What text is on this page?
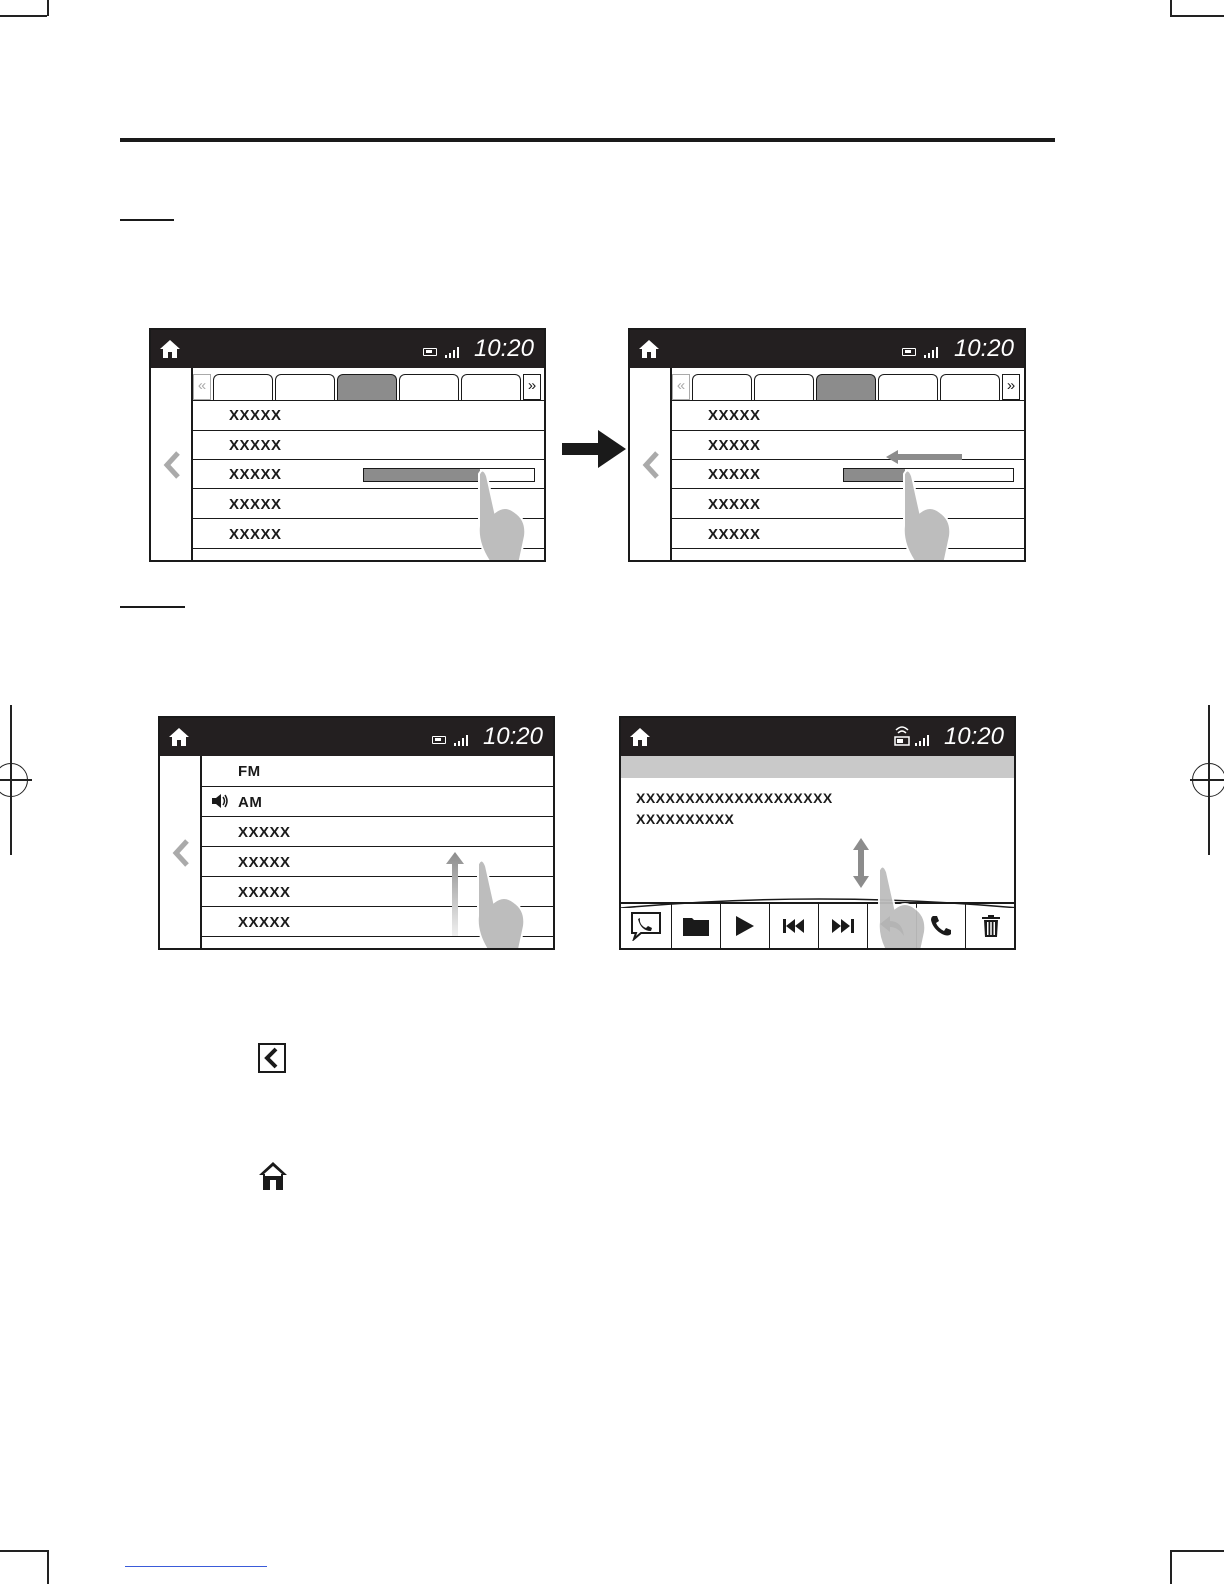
10:20
«	»
XXXXX
XXXXX
XXXXX
XXXXX
XXXXX
10:20
«	»
XXXXX
XXXXX
XXXXX
XXXXX
XXXXX
10:20
FM
AM
XXXXX
XXXXX
XXXXX
XXXXX
10:20
XXXXXXXXXXXXXXXXXXXX
XXXXXXXXXX
